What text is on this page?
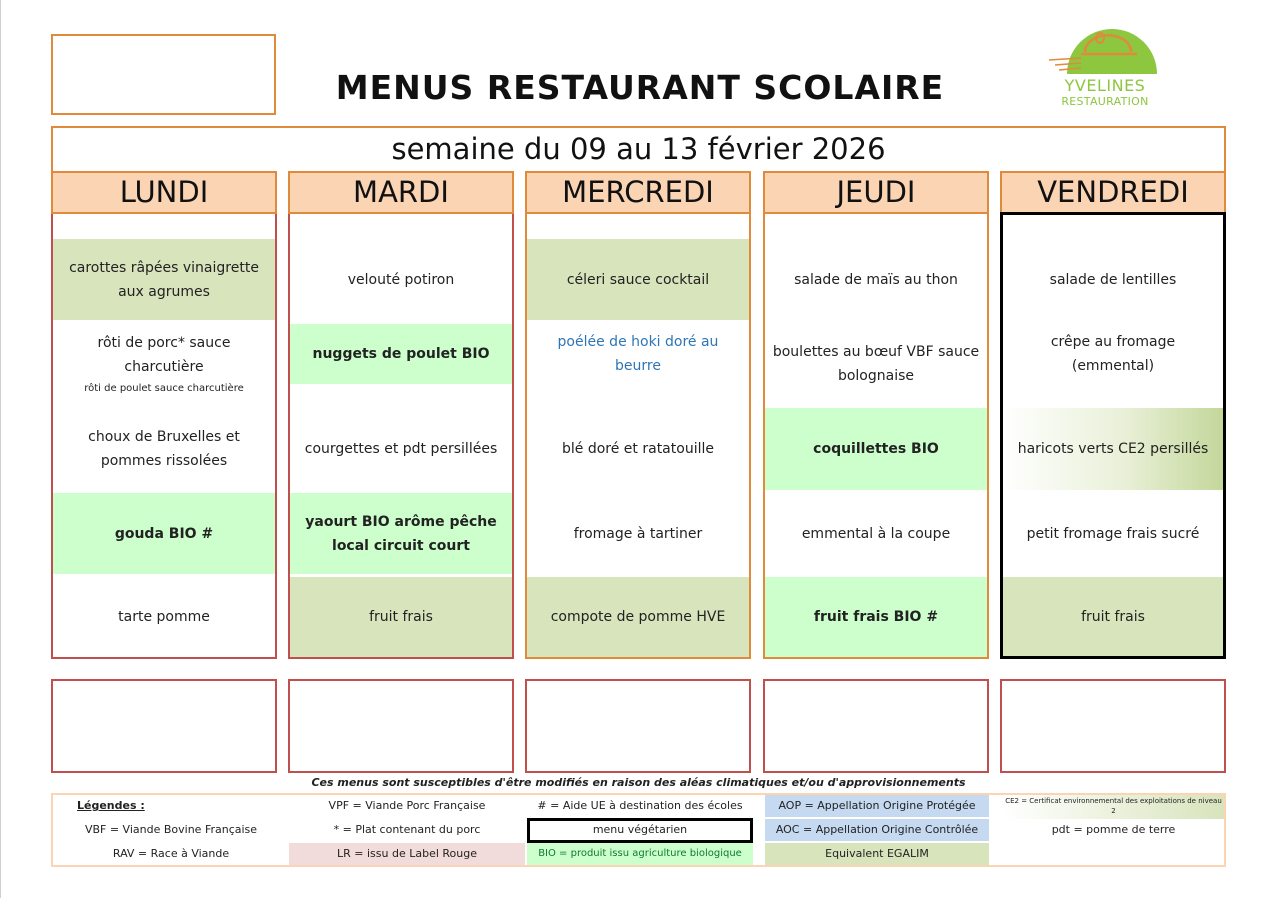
MENUS RESTAURANT SCOLAIRE	YVELINES
RESTAURATION
semaine du 09 au 13 février 2026
LUNDI
carottes râpées vinaigrette aux agrumes
rôti de porc* sauce charcutière
rôti de poulet sauce charcutière
choux de Bruxelles et pommes rissolées
gouda BIO #
tarte pomme
MARDI
velouté potiron
nuggets de poulet BIO
courgettes et pdt persillées
yaourt BIO arôme pêche local circuit court
fruit frais
MERCREDI
céleri sauce cocktail
poélée de hoki doré au beurre
blé doré et ratatouille
fromage à tartiner
compote de pomme HVE
JEUDI
salade de maïs au thon
boulettes au bœuf VBF sauce bolognaise
coquillettes BIO
emmental à la coupe
fruit frais BIO #
VENDREDI
salade de lentilles
crêpe au fromage (emmental)
haricots verts CE2 persillés
petit fromage frais sucré
fruit frais
Ces menus sont susceptibles d'être modifiés en raison des aléas climatiques et/ou d'approvisionnements
Légendes :
VBF = Viande Bovine Française
RAV = Race à Viande
VPF = Viande Porc Française
* = Plat contenant du porc
LR = issu de Label Rouge
# = Aide UE à destination des écoles
menu végétarien
BIO = produit issu agriculture biologique
AOP = Appellation Origine Protégée
AOC = Appellation Origine Contrôlée
Equivalent EGALIM
CE2 = Certificat environnemental des exploitations de niveau 2
pdt = pomme de terre
